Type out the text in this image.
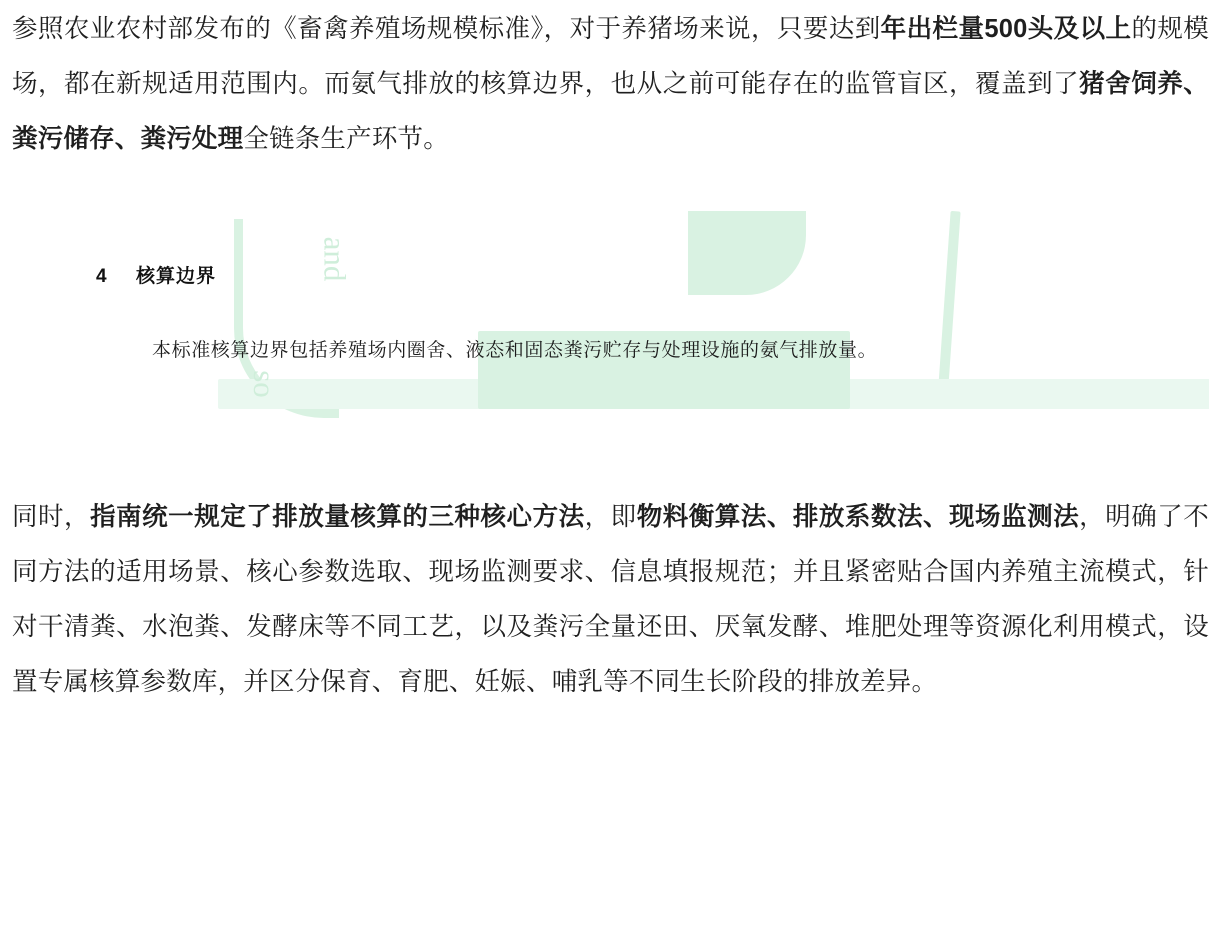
参照农业农村部发布的《畜禽养殖场规模标准》，对于养猪场来说，只要达到年出栏量500头及以上的规模场，都在新规适用范围内。而氨气排放的核算边界，也从之前可能存在的监管盲区，覆盖到了猪舍饲养、粪污储存、粪污处理全链条生产环节。

and
so
4 核算边界
本标准核算边界包括养殖场内圈舍、液态和固态粪污贮存与处理设施的氨气排放量。

同时，指南统一规定了排放量核算的三种核心方法，即物料衡算法、排放系数法、现场监测法，明确了不同方法的适用场景、核心参数选取、现场监测要求、信息填报规范；并且紧密贴合国内养殖主流模式，针对干清粪、水泡粪、发酵床等不同工艺，以及粪污全量还田、厌氧发酵、堆肥处理等资源化利用模式，设置专属核算参数库，并区分保育、育肥、妊娠、哺乳等不同生长阶段的排放差异。
